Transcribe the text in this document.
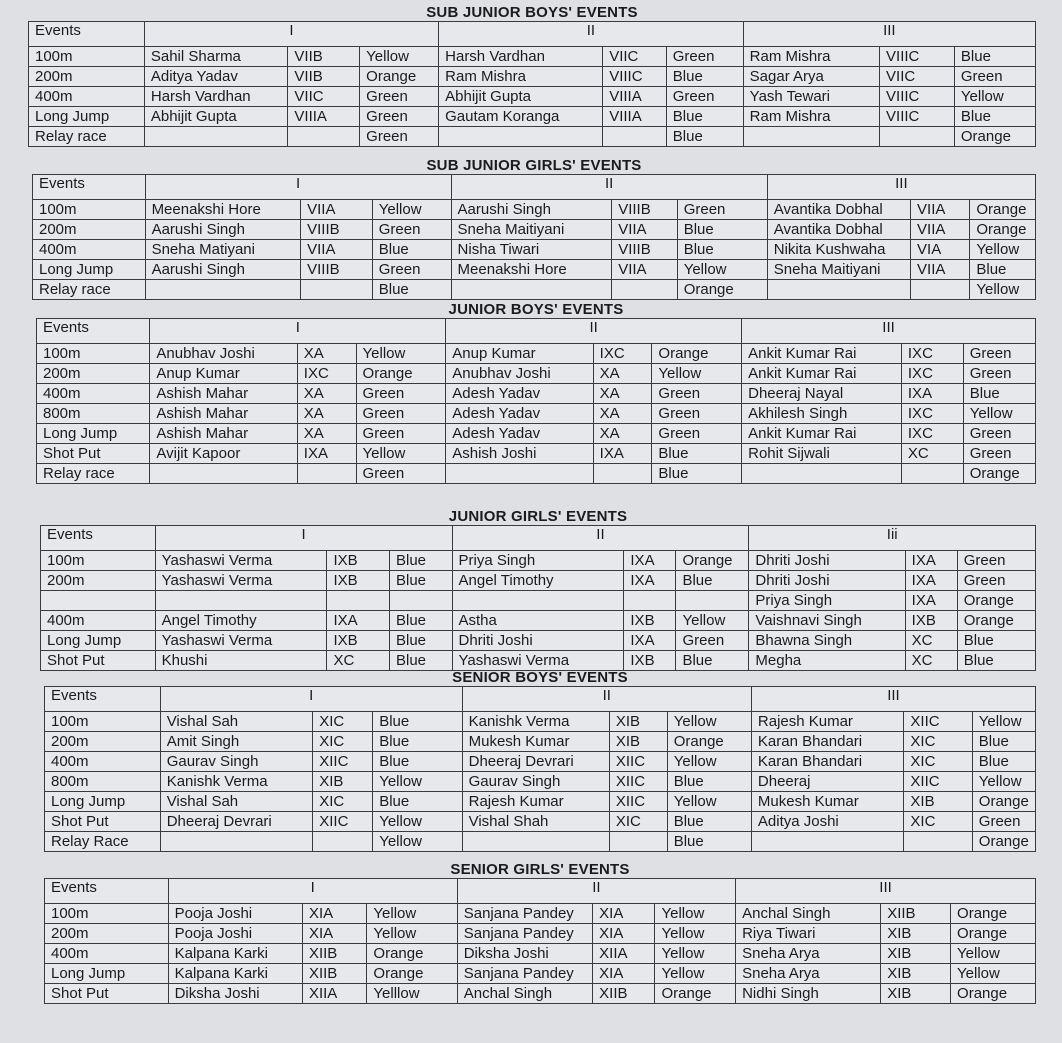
SUB JUNIOR BOYS' EVENTS
Events	I			II			III		
100m	Sahil Sharma	VIIB	Yellow	Harsh Vardhan	VIIC	Green	Ram Mishra	VIIIC	Blue
200m	Aditya Yadav	VIIB	Orange	Ram Mishra	VIIIC	Blue	Sagar Arya	VIIC	Green
400m	Harsh Vardhan	VIIC	Green	Abhijit Gupta	VIIIA	Green	Yash Tewari	VIIIC	Yellow
Long Jump	Abhijit Gupta	VIIIA	Green	Gautam Koranga	VIIIA	Blue	Ram Mishra	VIIIC	Blue
Relay race			Green			Blue			Orange
SUB JUNIOR GIRLS' EVENTS
Events	I			II			III		
100m	Meenakshi Hore	VIIA	Yellow	Aarushi Singh	VIIIB	Green	Avantika Dobhal	VIIA	Orange
200m	Aarushi Singh	VIIIB	Green	Sneha Maitiyani	VIIA	Blue	Avantika Dobhal	VIIA	Orange
400m	Sneha Matiyani	VIIA	Blue	Nisha Tiwari	VIIIB	Blue	Nikita Kushwaha	VIA	Yellow
Long Jump	Aarushi Singh	VIIIB	Green	Meenakshi Hore	VIIA	Yellow	Sneha Maitiyani	VIIA	Blue
Relay race			Blue			Orange			Yellow
JUNIOR BOYS' EVENTS
Events	I			II			III		
100m	Anubhav Joshi	XA	Yellow	Anup Kumar	IXC	Orange	Ankit Kumar Rai	IXC	Green
200m	Anup Kumar	IXC	Orange	Anubhav Joshi	XA	Yellow	Ankit Kumar Rai	IXC	Green
400m	Ashish Mahar	XA	Green	Adesh Yadav	XA	Green	Dheeraj Nayal	IXA	Blue
800m	Ashish Mahar	XA	Green	Adesh Yadav	XA	Green	Akhilesh Singh	IXC	Yellow
Long Jump	Ashish Mahar	XA	Green	Adesh Yadav	XA	Green	Ankit Kumar Rai	IXC	Green
Shot Put	Avijit Kapoor	IXA	Yellow	Ashish Joshi	IXA	Blue	Rohit Sijwali	XC	Green
Relay race			Green			Blue			Orange
JUNIOR GIRLS' EVENTS
Events	I			II			Iii		
100m	Yashaswi Verma	IXB	Blue	Priya Singh	IXA	Orange	Dhriti Joshi	IXA	Green
200m	Yashaswi Verma	IXB	Blue	Angel Timothy	IXA	Blue	Dhriti Joshi	IXA	Green
							Priya Singh	IXA	Orange
400m	Angel Timothy	IXA	Blue	Astha	IXB	Yellow	Vaishnavi Singh	IXB	Orange
Long Jump	Yashaswi Verma	IXB	Blue	Dhriti Joshi	IXA	Green	Bhawna Singh	XC	Blue
Shot Put	Khushi	XC	Blue	Yashaswi Verma	IXB	Blue	Megha	XC	Blue
SENIOR BOYS' EVENTS
Events	I			II			III		
100m	Vishal Sah	XIC	Blue	Kanishk Verma	XIB	Yellow	Rajesh Kumar	XIIC	Yellow
200m	Amit Singh	XIC	Blue	Mukesh Kumar	XIB	Orange	Karan Bhandari	XIC	Blue
400m	Gaurav Singh	XIIC	Blue	Dheeraj Devrari	XIIC	Yellow	Karan Bhandari	XIC	Blue
800m	Kanishk Verma	XIB	Yellow	Gaurav Singh	XIIC	Blue	Dheeraj	XIIC	Yellow
Long Jump	Vishal Sah	XIC	Blue	Rajesh Kumar	XIIC	Yellow	Mukesh Kumar	XIB	Orange
Shot Put	Dheeraj Devrari	XIIC	Yellow	Vishal Shah	XIC	Blue	Aditya Joshi	XIC	Green
Relay Race			Yellow			Blue			Orange
SENIOR GIRLS' EVENTS
Events	I			II			III		
100m	Pooja Joshi	XIA	Yellow	Sanjana Pandey	XIA	Yellow	Anchal Singh	XIIB	Orange
200m	Pooja Joshi	XIA	Yellow	Sanjana Pandey	XIA	Yellow	Riya Tiwari	XIB	Orange
400m	Kalpana Karki	XIIB	Orange	Diksha Joshi	XIIA	Yellow	Sneha Arya	XIB	Yellow
Long Jump	Kalpana Karki	XIIB	Orange	Sanjana Pandey	XIA	Yellow	Sneha Arya	XIB	Yellow
Shot Put	Diksha Joshi	XIIA	Yelllow	Anchal Singh	XIIB	Orange	Nidhi Singh	XIB	Orange
